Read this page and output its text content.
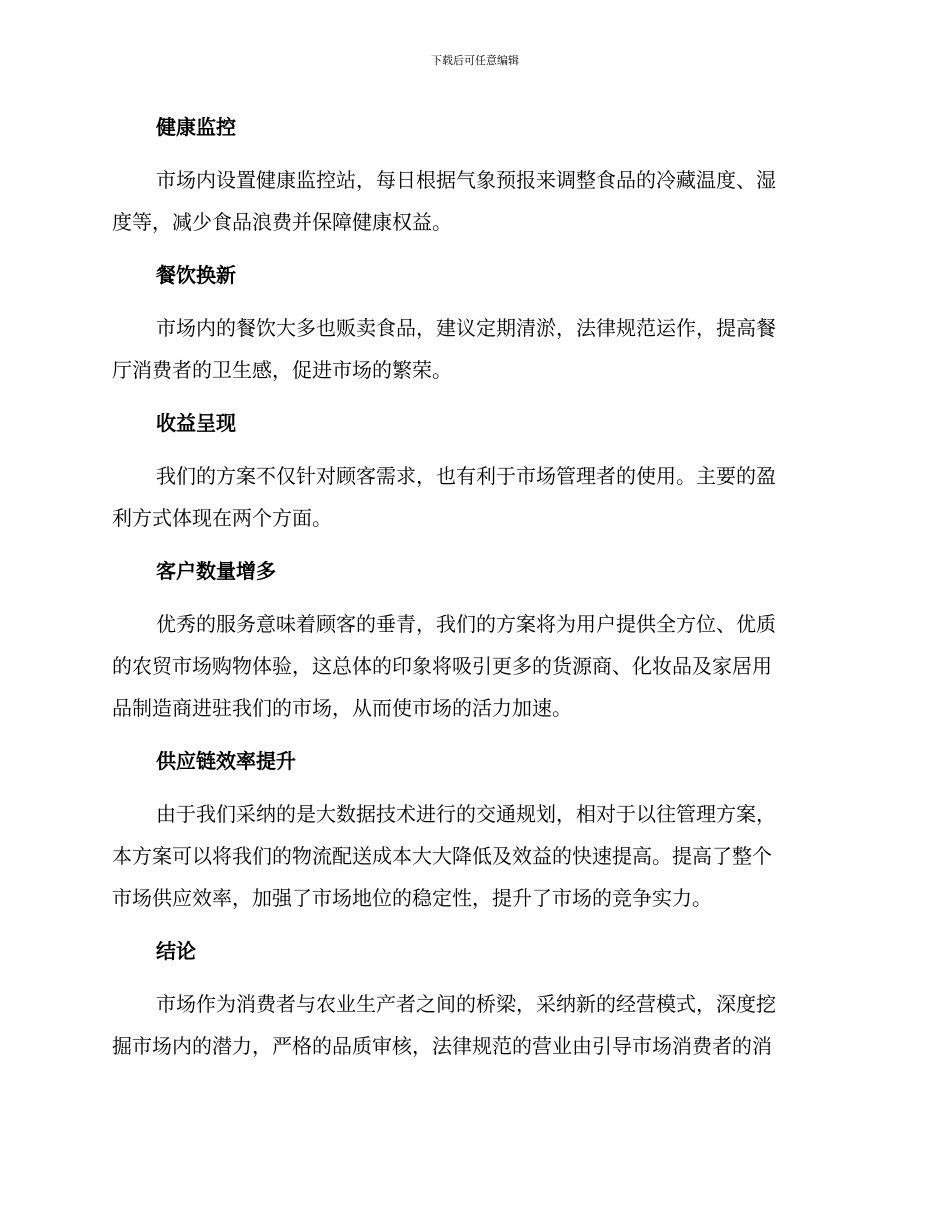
下载后可任意编辑
健康监控
市场内设置健康监控站，每日根据气象预报来调整食品的冷藏温度、湿
度等，减少食品浪费并保障健康权益。
餐饮换新
市场内的餐饮大多也贩卖食品，建议定期清淤，法律规范运作，提高餐
厅消费者的卫生感，促进市场的繁荣。
收益呈现
我们的方案不仅针对顾客需求，也有利于市场管理者的使用。主要的盈
利方式体现在两个方面。
客户数量增多
优秀的服务意味着顾客的垂青，我们的方案将为用户提供全方位、优质
的农贸市场购物体验，这总体的印象将吸引更多的货源商、化妆品及家居用
品制造商进驻我们的市场，从而使市场的活力加速。
供应链效率提升
由于我们采纳的是大数据技术进行的交通规划，相对于以往管理方案，
本方案可以将我们的物流配送成本大大降低及效益的快速提高。提高了整个
市场供应效率，加强了市场地位的稳定性，提升了市场的竞争实力。
结论
市场作为消费者与农业生产者之间的桥梁，采纳新的经营模式，深度挖
掘市场内的潜力，严格的品质审核，法律规范的营业由引导市场消费者的消
